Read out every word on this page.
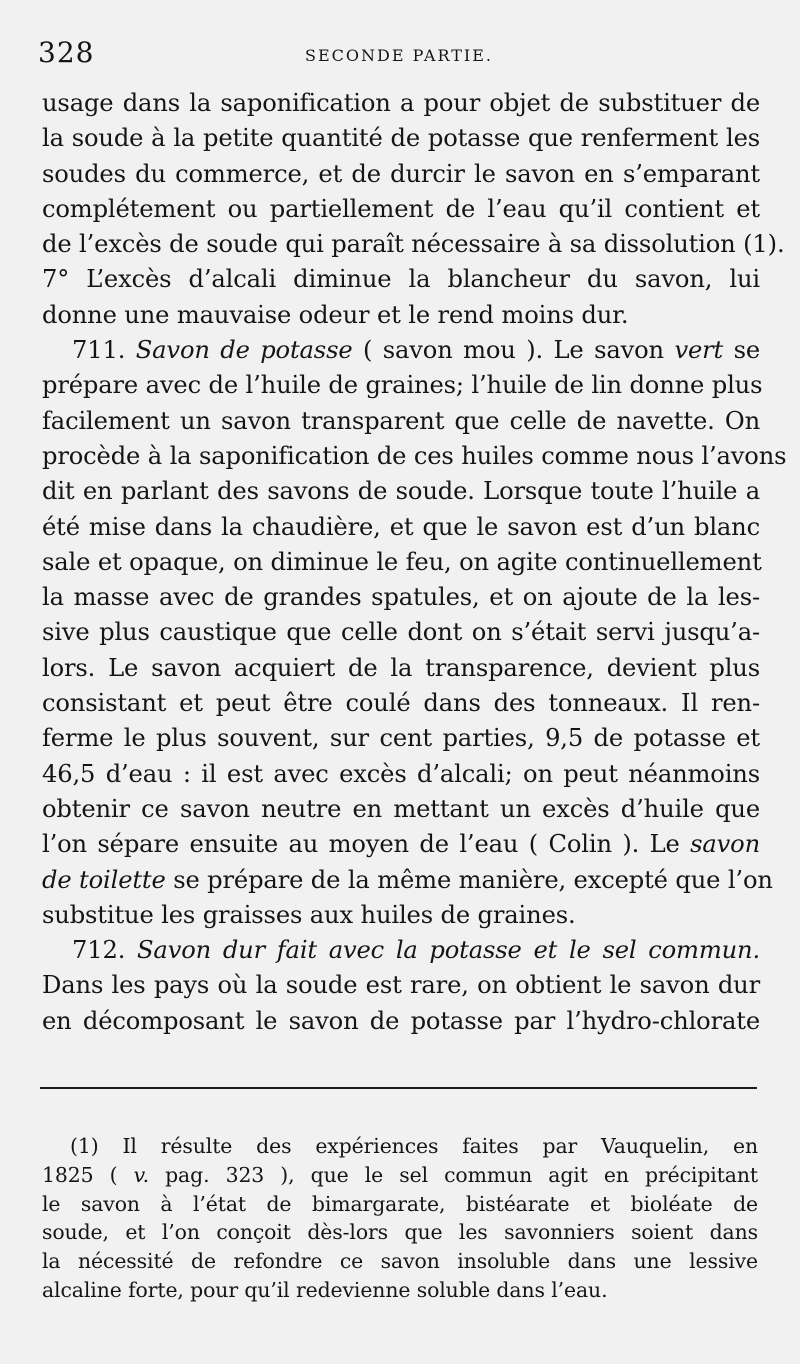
328	SECONDE PARTIE.
usage dans la saponification a pour objet de substituer de
la soude à la petite quantité de potasse que renferment les
soudes du commerce, et de durcir le savon en s’emparant
complétement ou partiellement de l’eau qu’il contient et
de l’excès de soude qui paraît nécessaire à sa dissolution (1).
7° L’excès d’alcali diminue la blancheur du savon, lui
donne une mauvaise odeur et le rend moins dur.
711. Savon de potasse ( savon mou ). Le savon vert se
prépare avec de l’huile de graines; l’huile de lin donne plus
facilement un savon transparent que celle de navette. On
procède à la saponification de ces huiles comme nous l’avons
dit en parlant des savons de soude. Lorsque toute l’huile a
été mise dans la chaudière, et que le savon est d’un blanc
sale et opaque, on diminue le feu, on agite continuellement
la masse avec de grandes spatules, et on ajoute de la les-
sive plus caustique que celle dont on s’était servi jusqu’a-
lors. Le savon acquiert de la transparence, devient plus
consistant et peut être coulé dans des tonneaux. Il ren-
ferme le plus souvent, sur cent parties, 9,5 de potasse et
46,5 d’eau : il est avec excès d’alcali; on peut néanmoins
obtenir ce savon neutre en mettant un excès d’huile que
l’on sépare ensuite au moyen de l’eau ( Colin ). Le savon
de toilette se prépare de la même manière, excepté que l’on
substitue les graisses aux huiles de graines.
712. Savon dur fait avec la potasse et le sel commun.
Dans les pays où la soude est rare, on obtient le savon dur
en décomposant le savon de potasse par l’hydro-chlorate
(1) Il résulte des expériences faites par Vauquelin, en
1825 ( v. pag. 323 ), que le sel commun agit en précipitant
le savon à l’état de bimargarate, bistéarate et bioléate de
soude, et l’on conçoit dès-lors que les savonniers soient dans
la nécessité de refondre ce savon insoluble dans une lessive
alcaline forte, pour qu’il redevienne soluble dans l’eau.
